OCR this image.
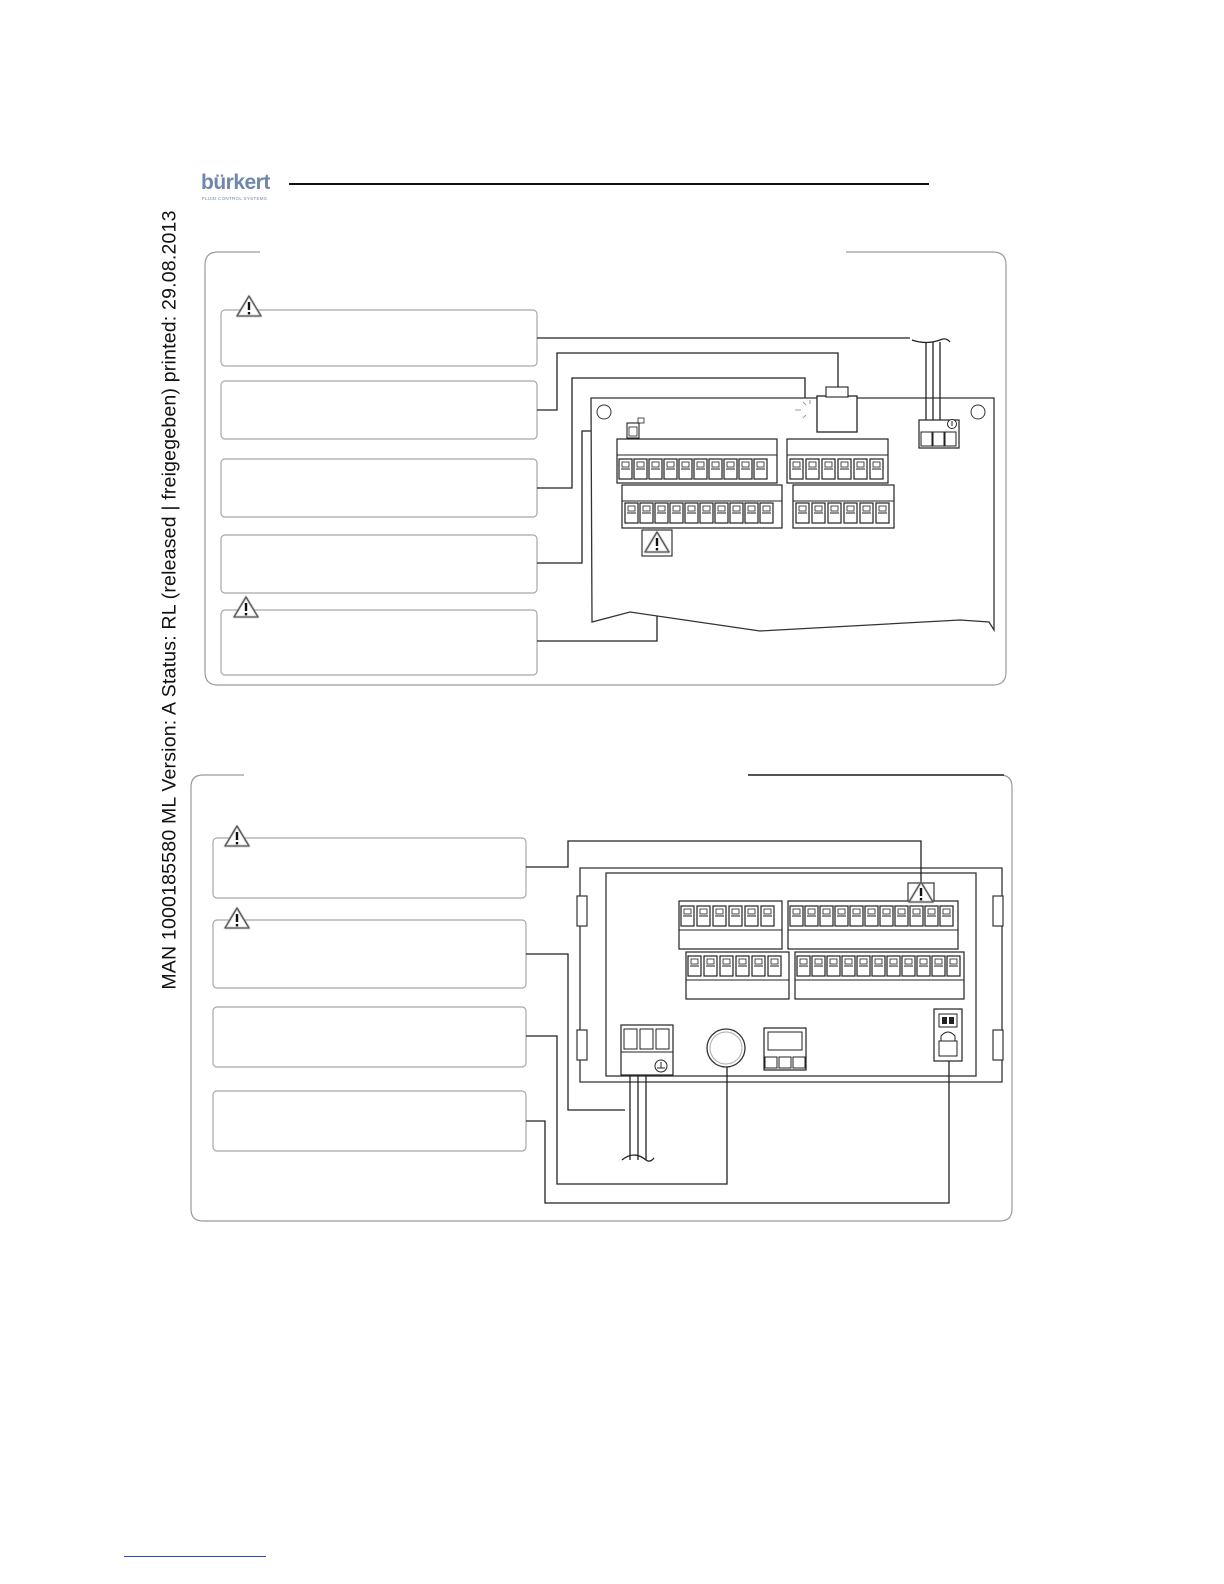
MAN 1000185580 ML Version: A Status: RL (released | freigegeben) printed: 29.08.2013
bürkert
FLUID CONTROL SYSTEMS
